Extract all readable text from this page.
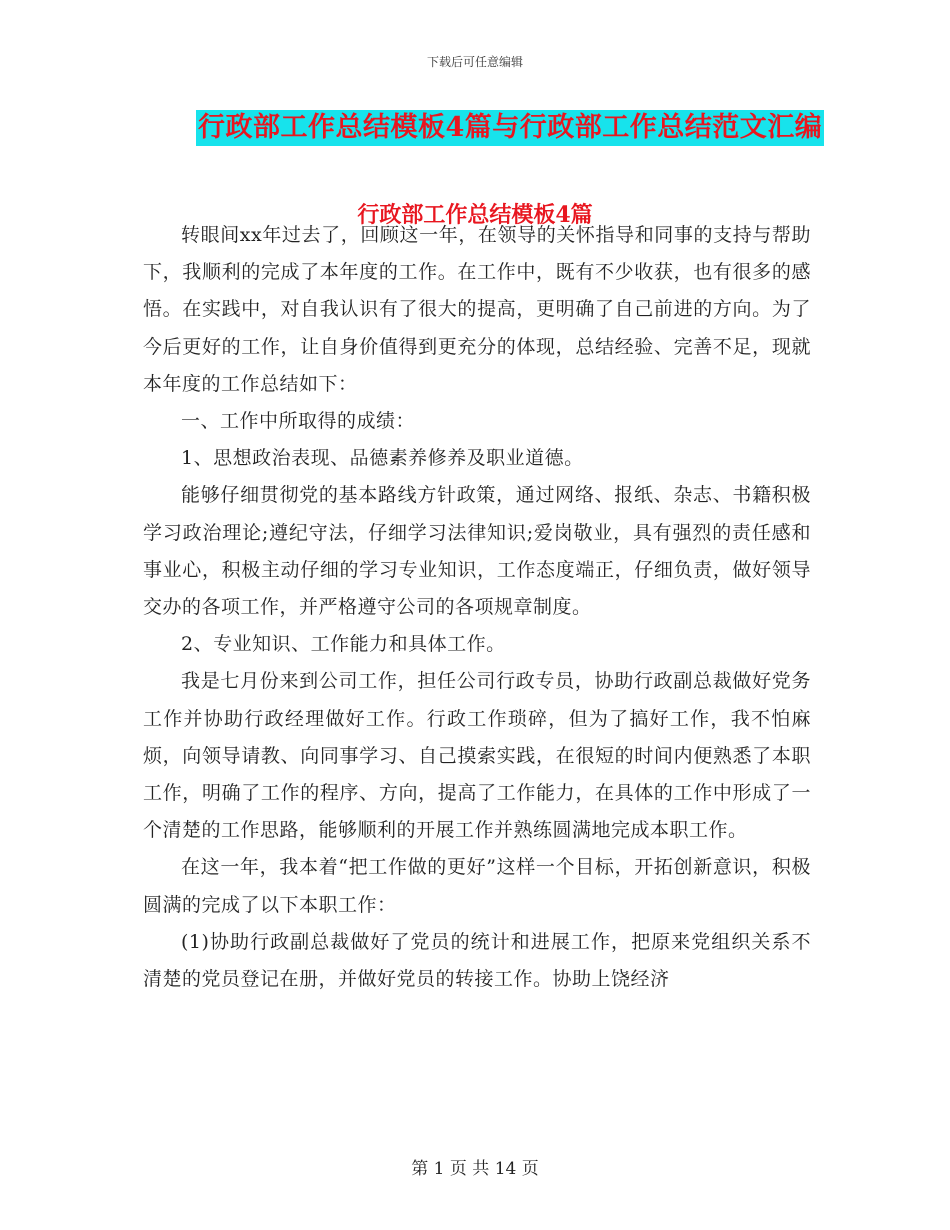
下载后可任意编辑
行政部工作总结模板4篇与行政部工作总结范文汇编
行政部工作总结模板4篇

转眼间xx年过去了，回顾这一年，在领导的关怀指导和同事的支持与帮助下，我顺利的完成了本年度的工作。在工作中，既有不少收获，也有很多的感悟。在实践中，对自我认识有了很大的提高，更明确了自己前进的方向。为了今后更好的工作，让自身价值得到更充分的体现，总结经验、完善不足，现就本年度的工作总结如下：

一、工作中所取得的成绩：

1、思想政治表现、品德素养修养及职业道德。

能够仔细贯彻党的基本路线方针政策，通过网络、报纸、杂志、书籍积极学习政治理论;遵纪守法，仔细学习法律知识;爱岗敬业，具有强烈的责任感和事业心，积极主动仔细的学习专业知识，工作态度端正，仔细负责，做好领导交办的各项工作，并严格遵守公司的各项规章制度。

2、专业知识、工作能力和具体工作。

我是七月份来到公司工作，担任公司行政专员，协助行政副总裁做好党务工作并协助行政经理做好工作。行政工作琐碎，但为了搞好工作，我不怕麻烦，向领导请教、向同事学习、自己摸索实践，在很短的时间内便熟悉了本职工作，明确了工作的程序、方向，提高了工作能力，在具体的工作中形成了一个清楚的工作思路，能够顺利的开展工作并熟练圆满地完成本职工作。

在这一年，我本着“把工作做的更好”这样一个目标，开拓创新意识，积极圆满的完成了以下本职工作：

(1)协助行政副总裁做好了党员的统计和进展工作，把原来党组织关系不清楚的党员登记在册，并做好党员的转接工作。协助上饶经济

第 1 页 共 14 页
